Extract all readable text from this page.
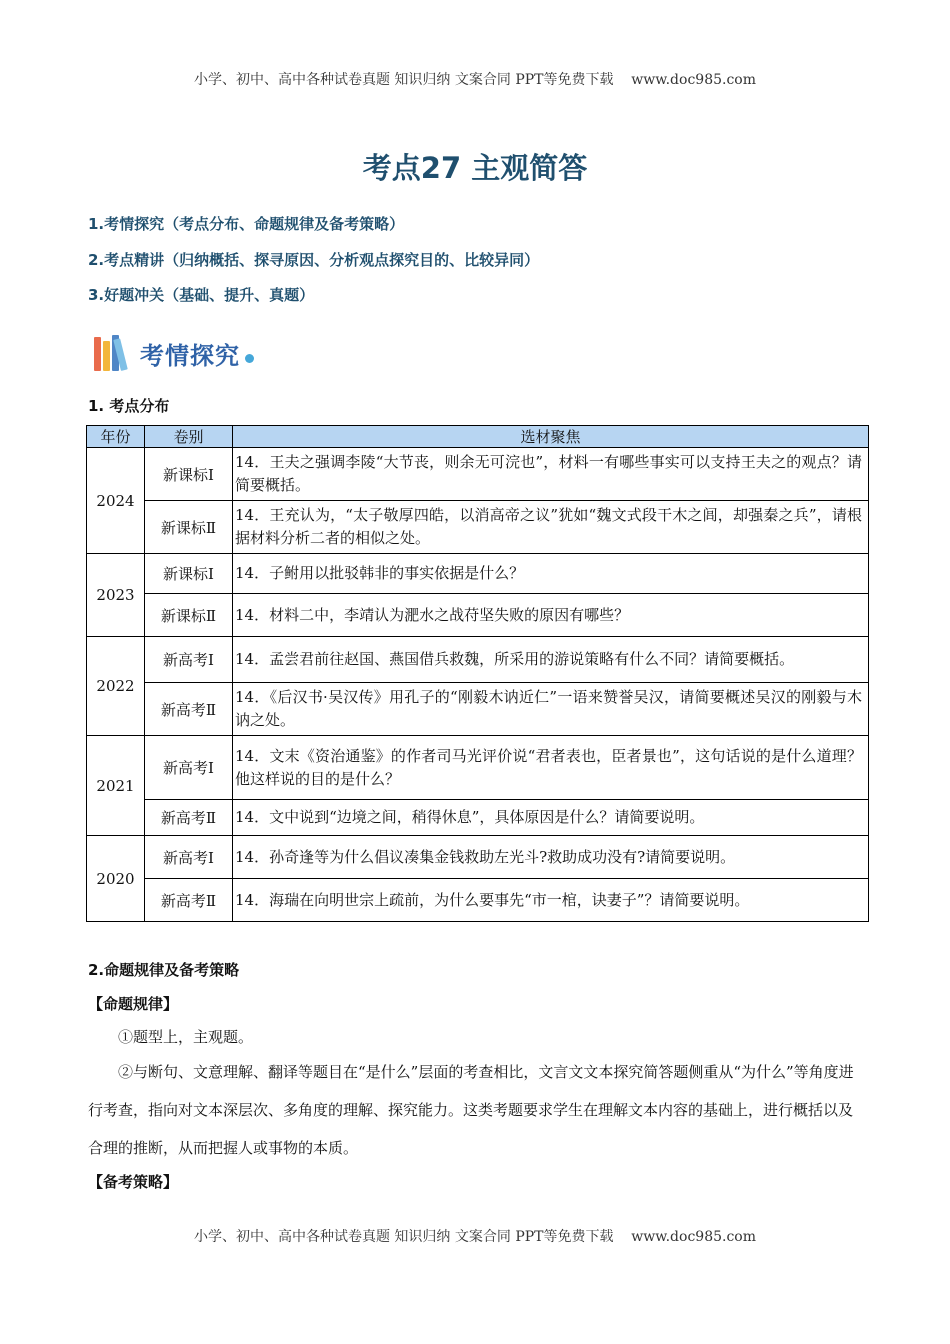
小学、初中、高中各种试卷真题 知识归纳 文案合同 PPT等免费下载    www.doc985.com
考点27 主观简答
1.考情探究（考点分布、命题规律及备考策略）
2.考点精讲（归纳概括、探寻原因、分析观点探究目的、比较异同）
3.好题冲关（基础、提升、真题）
考情探究
1. 考点分布
年份	卷别	选材聚焦
2024	新课标Ⅰ	14．王夫之强调李陵“大节丧，则余无可浣也”，材料一有哪些事实可以支持王夫之的观点？请简要概括。
	新课标Ⅱ	14．王充认为，“太子敬厚四皓，以消高帝之议”犹如“魏文式段干木之闾，却强秦之兵”，请根据材料分析二者的相似之处。
2023	新课标Ⅰ	14．子鲋用以批驳韩非的事实依据是什么？
	新课标Ⅱ	14．材料二中，李靖认为淝水之战苻坚失败的原因有哪些？
2022	新高考Ⅰ	14．孟尝君前往赵国、燕国借兵救魏，所采用的游说策略有什么不同？请简要概括。
	新高考Ⅱ	14．《后汉书·吴汉传》用孔子的“刚毅木讷近仁”一语来赞誉吴汉，请简要概述吴汉的刚毅与木讷之处。
2021	新高考Ⅰ	14．文末《资治通鉴》的作者司马光评价说“君者表也，臣者景也”，这句话说的是什么道理？他这样说的目的是什么？
	新高考Ⅱ	14．文中说到“边境之间，稍得休息”，具体原因是什么？请简要说明。
2020	新高考Ⅰ	14．孙奇逢等为什么倡议凑集金钱救助左光斗?救助成功没有?请简要说明。
	新高考Ⅱ	14．海瑞在向明世宗上疏前，为什么要事先“市一棺，诀妻子”？请简要说明。
2.命题规律及备考策略
【命题规律】
①题型上，主观题。
②与断句、文意理解、翻译等题目在“是什么”层面的考查相比，文言文文本探究简答题侧重从“为什么”等角度进行考查，指向对文本深层次、多角度的理解、探究能力。这类考题要求学生在理解文本内容的基础上，进行概括以及合理的推断，从而把握人或事物的本质。
【备考策略】
小学、初中、高中各种试卷真题 知识归纳 文案合同 PPT等免费下载    www.doc985.com
